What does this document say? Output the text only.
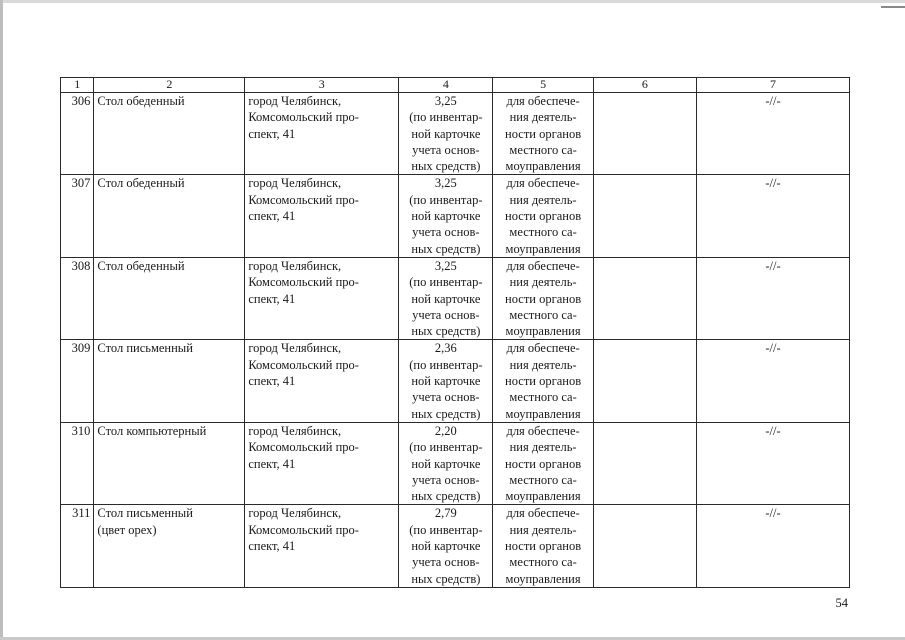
1	2	3	4	5	6	7
306	Стол обеденный	город Челябинск,
Комсомольский про-
спект, 41	3,25
(по инвентар-
ной карточке
учета основ-
ных средств)	для обеспече-
ния деятель-
ности органов
местного са-
моуправления		-//-
307	Стол обеденный	город Челябинск,
Комсомольский про-
спект, 41	3,25
(по инвентар-
ной карточке
учета основ-
ных средств)	для обеспече-
ния деятель-
ности органов
местного са-
моуправления		-//-
308	Стол обеденный	город Челябинск,
Комсомольский про-
спект, 41	3,25
(по инвентар-
ной карточке
учета основ-
ных средств)	для обеспече-
ния деятель-
ности органов
местного са-
моуправления		-//-
309	Стол письменный	город Челябинск,
Комсомольский про-
спект, 41	2,36
(по инвентар-
ной карточке
учета основ-
ных средств)	для обеспече-
ния деятель-
ности органов
местного са-
моуправления		-//-
310	Стол компьютерный	город Челябинск,
Комсомольский про-
спект, 41	2,20
(по инвентар-
ной карточке
учета основ-
ных средств)	для обеспече-
ния деятель-
ности органов
местного са-
моуправления		-//-
311	Стол письменный
(цвет орех)	город Челябинск,
Комсомольский про-
спект, 41	2,79
(по инвентар-
ной карточке
учета основ-
ных средств)	для обеспече-
ния деятель-
ности органов
местного са-
моуправления		-//-
54
